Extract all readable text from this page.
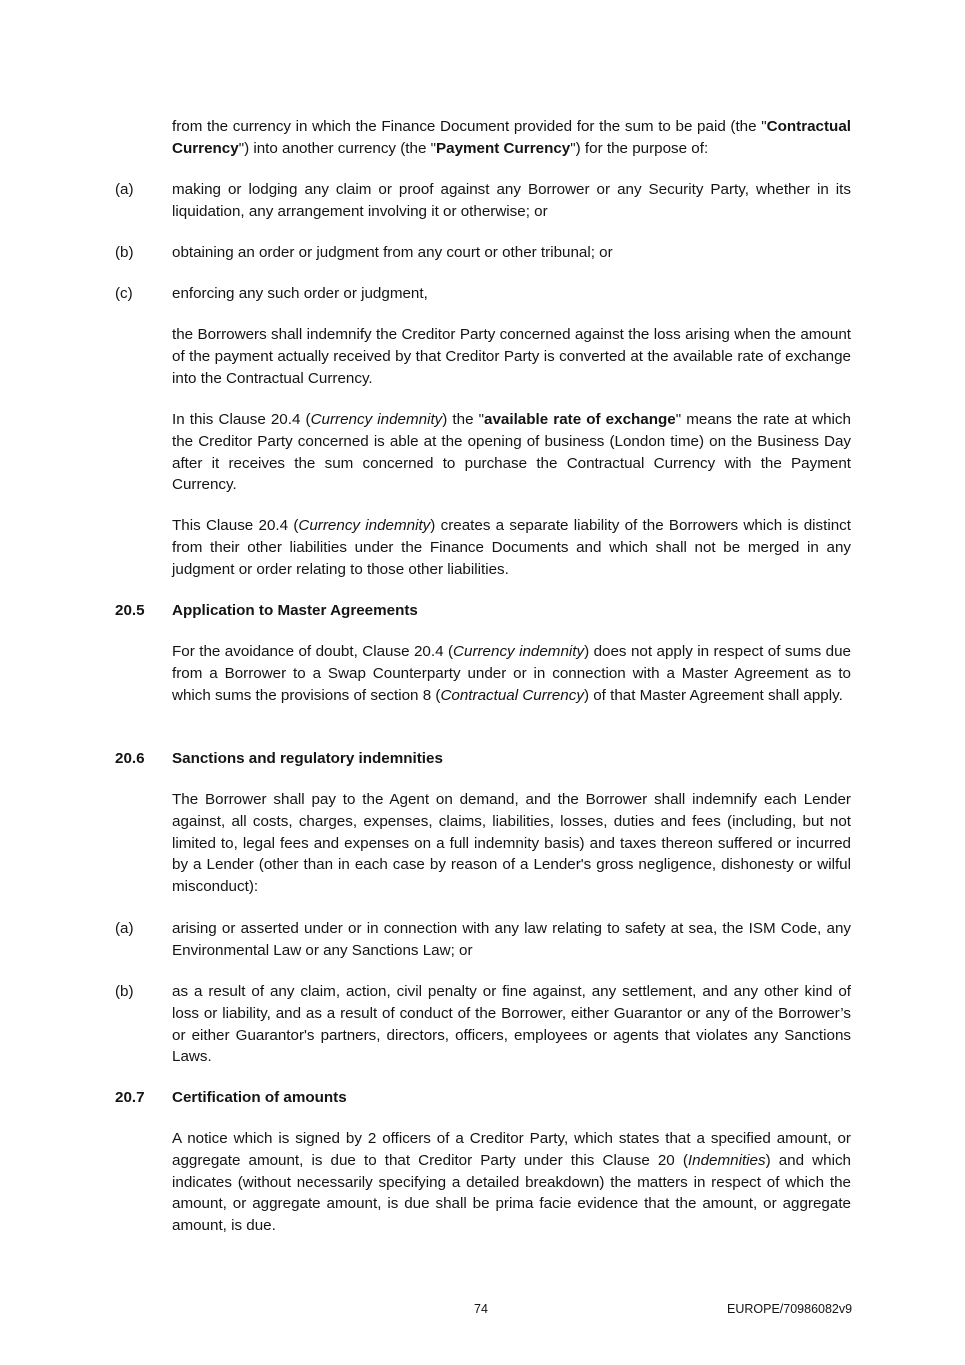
from the currency in which the Finance Document provided for the sum to be paid (the "Contractual Currency") into another currency (the "Payment Currency") for the purpose of:

(a)	making or lodging any claim or proof against any Borrower or any Security Party, whether in its liquidation, any arrangement involving it or otherwise; or

(b)	obtaining an order or judgment from any court or other tribunal; or

(c)	enforcing any such order or judgment,

the Borrowers shall indemnify the Creditor Party concerned against the loss arising when the amount of the payment actually received by that Creditor Party is converted at the available rate of exchange into the Contractual Currency.

In this Clause 20.4 (Currency indemnity) the "available rate of exchange" means the rate at which the Creditor Party concerned is able at the opening of business (London time) on the Business Day after it receives the sum concerned to purchase the Contractual Currency with the Payment Currency.

This Clause 20.4 (Currency indemnity) creates a separate liability of the Borrowers which is distinct from their other liabilities under the Finance Documents and which shall not be merged in any judgment or order relating to those other liabilities.

20.5 Application to Master Agreements

For the avoidance of doubt, Clause 20.4 (Currency indemnity) does not apply in respect of sums due from a Borrower to a Swap Counterparty under or in connection with a Master Agreement as to which sums the provisions of section 8 (Contractual Currency) of that Master Agreement shall apply.

20.6 Sanctions and regulatory indemnities

The Borrower shall pay to the Agent on demand, and the Borrower shall indemnify each Lender against, all costs, charges, expenses, claims, liabilities, losses, duties and fees (including, but not limited to, legal fees and expenses on a full indemnity basis) and taxes thereon suffered or incurred by a Lender (other than in each case by reason of a Lender's gross negligence, dishonesty or wilful misconduct):

(a)	arising or asserted under or in connection with any law relating to safety at sea, the ISM Code, any Environmental Law or any Sanctions Law; or

(b)	as a result of any claim, action, civil penalty or fine against, any settlement, and any other kind of loss or liability, and as a result of conduct of the Borrower, either Guarantor or any of the Borrower’s or either Guarantor's partners, directors, officers, employees or agents that violates any Sanctions Laws.

20.7 Certification of amounts

A notice which is signed by 2 officers of a Creditor Party, which states that a specified amount, or aggregate amount, is due to that Creditor Party under this Clause 20 (Indemnities) and which indicates (without necessarily specifying a detailed breakdown) the matters in respect of which the amount, or aggregate amount, is due shall be prima facie evidence that the amount, or aggregate amount, is due.

74	EUROPE/70986082v9
